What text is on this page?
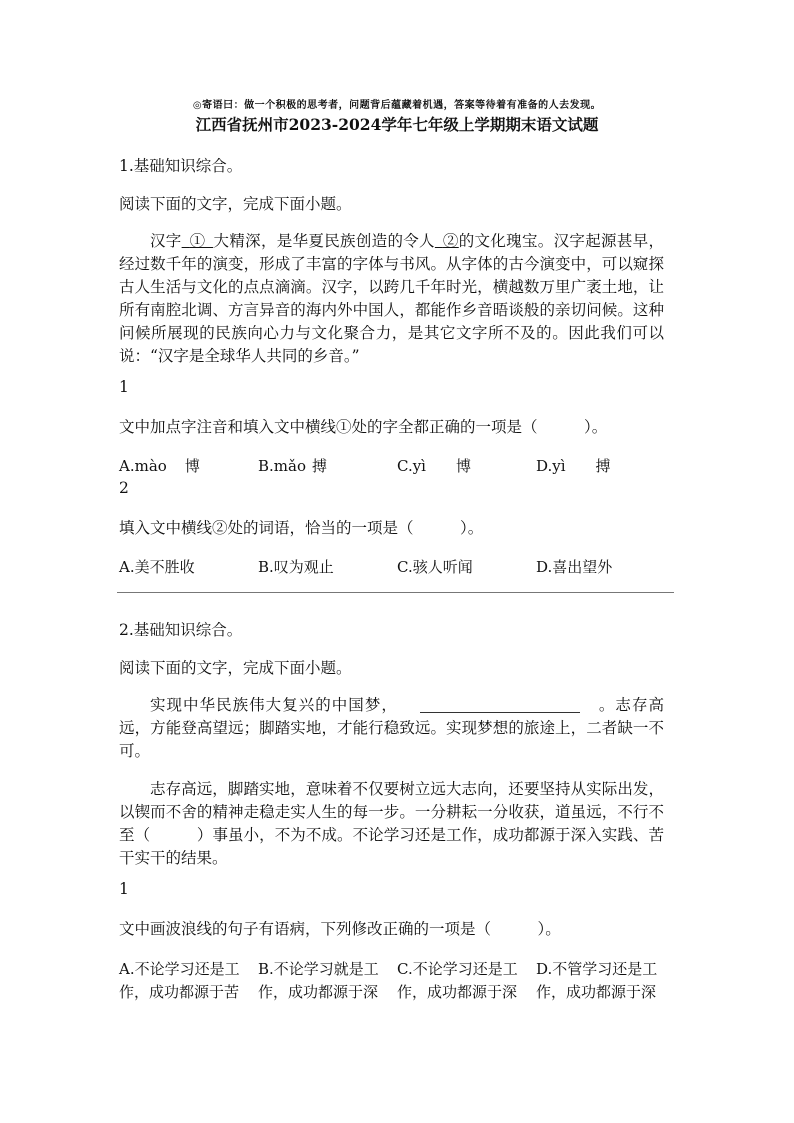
◎寄语曰：做一个积极的思考者，问题背后蕴藏着机遇，答案等待着有准备的人去发现。
江西省抚州市2023-2024学年七年级上学期期末语文试题
1.基础知识综合。
阅读下面的文字，完成下面小题。
汉字  ①  大精深，是华夏民族创造的令人  ②的文化瑰宝。汉字起源甚早，经过数千年的演变，形成了丰富的字体与书风。从字体的古今演变中，可以窥探古人生活与文化的点点滴滴。汉字，以跨几千年时光，横越数万里广袤土地，让所有南腔北调、方言异音的海内外中国人，都能作乡音晤谈般的亲切问候。这种问候所展现的民族向心力与文化聚合力，是其它文字所不及的。因此我们可以说：“汉字是全球华人共同的乡音。”
1
文中加点字注音和填入文中横线①处的字全都正确的一项是（　　　）。
A.mào 博	B.mǎo 搏	C.yì 博	D.yì 搏
2
填入文中横线②处的词语，恰当的一项是（　　　）。
A.美不胜收	B.叹为观止	C.骇人听闻	D.喜出望外
2.基础知识综合。
阅读下面的文字，完成下面小题。
实现中华民族伟大复兴的中国梦，	。志存高远，方能登高望远；脚踏实地，才能行稳致远。实现梦想的旅途上，二者缺一不可。
志存高远，脚踏实地，意味着不仅要树立远大志向，还要坚持从实际出发，以锲而不舍的精神走稳走实人生的每一步。一分耕耘一分收获，道虽远，不行不至（　　　）事虽小，不为不成。不论学习还是工作，成功都源于深入实践、苦干实干的结果。
1
文中画波浪线的句子有语病，下列修改正确的一项是（　　　）。
A.不论学习还是工作，成功都源于苦
B.不论学习就是工作，成功都源于深
C.不论学习还是工作，成功都源于深
D.不管学习还是工作，成功都源于深
